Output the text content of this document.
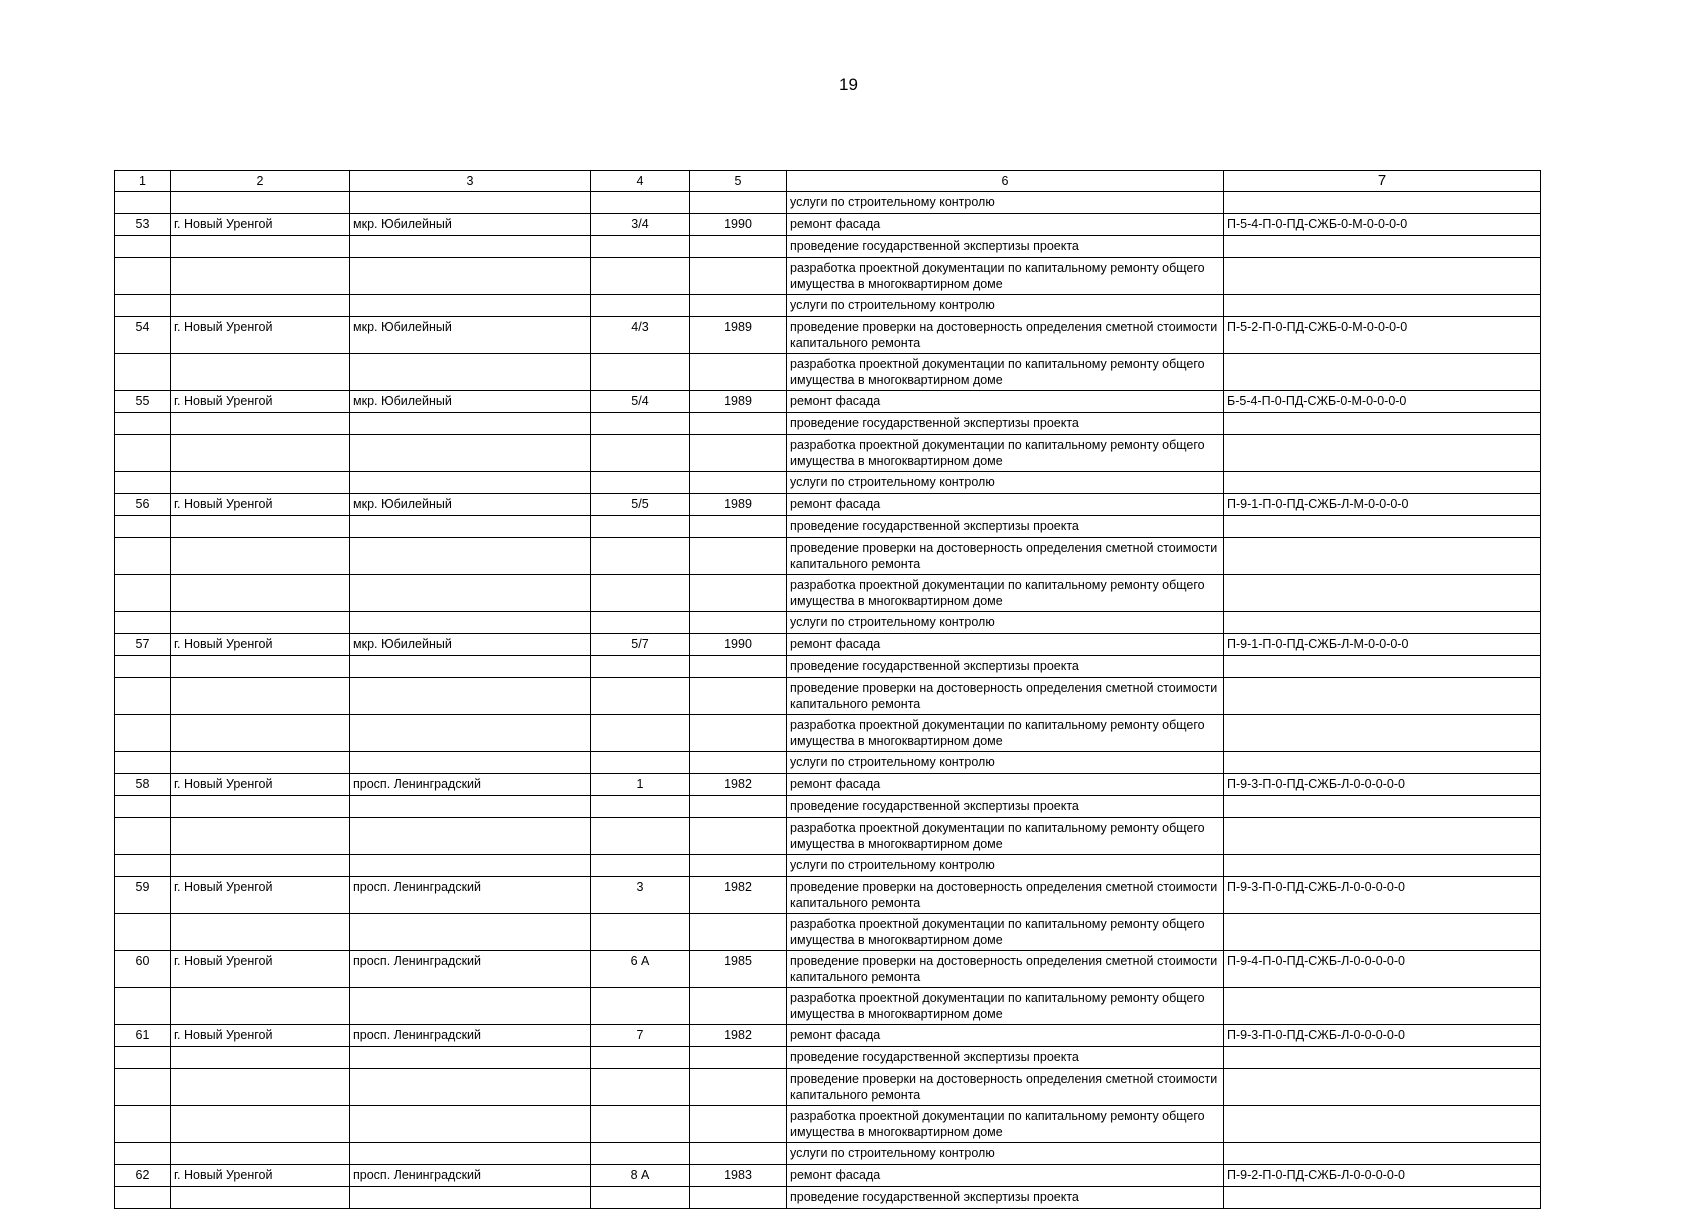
19
1	2	3	4	5	6	7
					услуги по строительному контролю	
53	г. Новый Уренгой	мкр. Юбилейный	3/4	1990	ремонт фасада	П-5-4-П-0-ПД-СЖБ-0-М-0-0-0-0
					проведение государственной экспертизы проекта	
					разработка проектной документации по капитальному ремонту общего имущества в многоквартирном доме	
					услуги по строительному контролю	
54	г. Новый Уренгой	мкр. Юбилейный	4/3	1989	проведение проверки на достоверность определения сметной стоимости капитального ремонта	П-5-2-П-0-ПД-СЖБ-0-М-0-0-0-0
					разработка проектной документации по капитальному ремонту общего имущества в многоквартирном доме	
55	г. Новый Уренгой	мкр. Юбилейный	5/4	1989	ремонт фасада	Б-5-4-П-0-ПД-СЖБ-0-М-0-0-0-0
					проведение государственной экспертизы проекта	
					разработка проектной документации по капитальному ремонту общего имущества в многоквартирном доме	
					услуги по строительному контролю	
56	г. Новый Уренгой	мкр. Юбилейный	5/5	1989	ремонт фасада	П-9-1-П-0-ПД-СЖБ-Л-М-0-0-0-0
					проведение государственной экспертизы проекта	
					проведение проверки на достоверность определения сметной стоимости капитального ремонта	
					разработка проектной документации по капитальному ремонту общего имущества в многоквартирном доме	
					услуги по строительному контролю	
57	г. Новый Уренгой	мкр. Юбилейный	5/7	1990	ремонт фасада	П-9-1-П-0-ПД-СЖБ-Л-М-0-0-0-0
					проведение государственной экспертизы проекта	
					проведение проверки на достоверность определения сметной стоимости капитального ремонта	
					разработка проектной документации по капитальному ремонту общего имущества в многоквартирном доме	
					услуги по строительному контролю	
58	г. Новый Уренгой	просп. Ленинградский	1	1982	ремонт фасада	П-9-3-П-0-ПД-СЖБ-Л-0-0-0-0-0
					проведение государственной экспертизы проекта	
					разработка проектной документации по капитальному ремонту общего имущества в многоквартирном доме	
					услуги по строительному контролю	
59	г. Новый Уренгой	просп. Ленинградский	3	1982	проведение проверки на достоверность определения сметной стоимости капитального ремонта	П-9-3-П-0-ПД-СЖБ-Л-0-0-0-0-0
					разработка проектной документации по капитальному ремонту общего имущества в многоквартирном доме	
60	г. Новый Уренгой	просп. Ленинградский	6 А	1985	проведение проверки на достоверность определения сметной стоимости капитального ремонта	П-9-4-П-0-ПД-СЖБ-Л-0-0-0-0-0
					разработка проектной документации по капитальному ремонту общего имущества в многоквартирном доме	
61	г. Новый Уренгой	просп. Ленинградский	7	1982	ремонт фасада	П-9-3-П-0-ПД-СЖБ-Л-0-0-0-0-0
					проведение государственной экспертизы проекта	
					проведение проверки на достоверность определения сметной стоимости капитального ремонта	
					разработка проектной документации по капитальному ремонту общего имущества в многоквартирном доме	
					услуги по строительному контролю	
62	г. Новый Уренгой	просп. Ленинградский	8 А	1983	ремонт фасада	П-9-2-П-0-ПД-СЖБ-Л-0-0-0-0-0
					проведение государственной экспертизы проекта	
